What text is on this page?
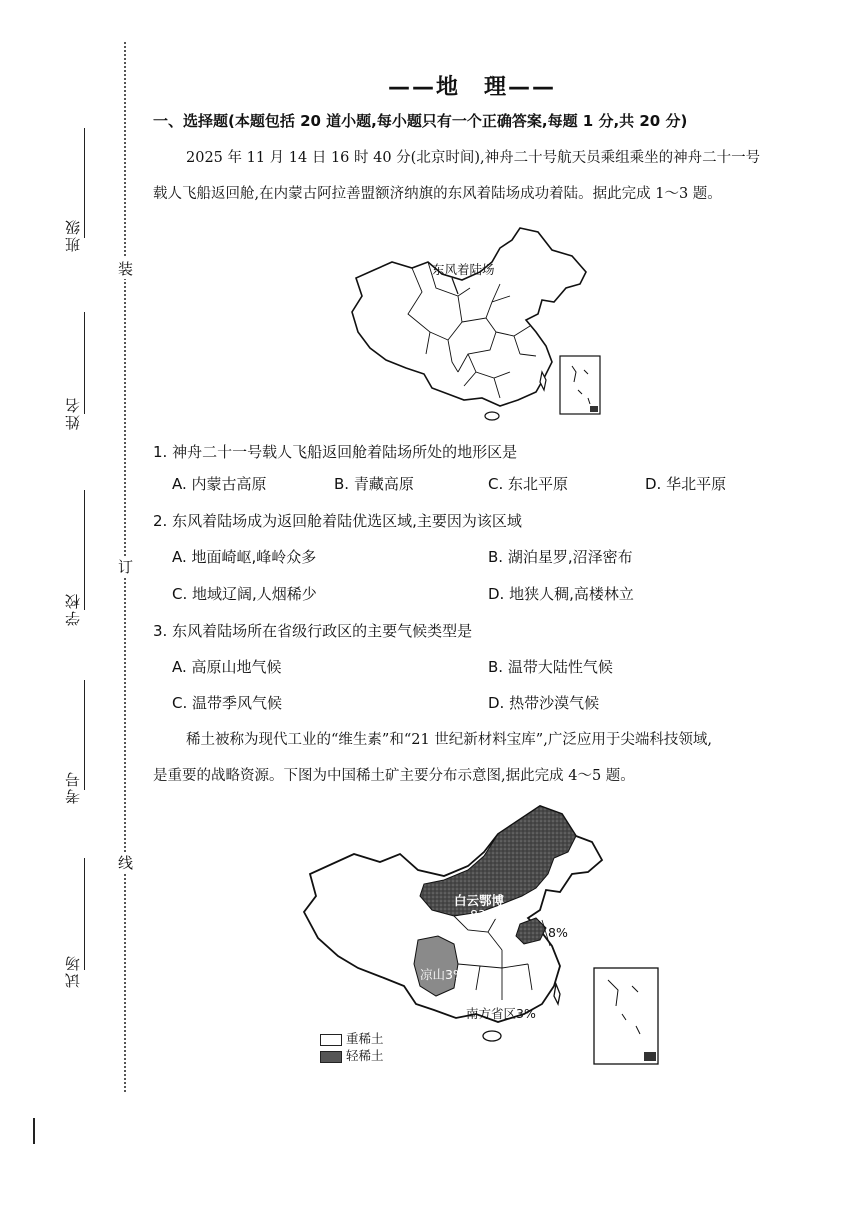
班级
姓名
学校
考号
试场
装
订
线
——地　理——
一、选择题(本题包括 20 道小题,每小题只有一个正确答案,每题 1 分,共 20 分)
2025 年 11 月 14 日 16 时 40 分(北京时间),神舟二十号航天员乘组乘坐的神舟二十一号
载人飞船返回舱,在内蒙古阿拉善盟额济纳旗的东风着陆场成功着陆。据此完成 1～3 题。
东风着陆场
1. 神舟二十一号载人飞船返回舱着陆场所处的地形区是
A. 内蒙古高原	B. 青藏高原	C. 东北平原	D. 华北平原
2. 东风着陆场成为返回舱着陆优选区域,主要因为该区域
A. 地面崎岖,峰岭众多	B. 湖泊星罗,沼泽密布
C. 地域辽阔,人烟稀少	D. 地狭人稠,高楼林立
3. 东风着陆场所在省级行政区的主要气候类型是
A. 高原山地气候	B. 温带大陆性气候
C. 温带季风气候	D. 热带沙漠气候
稀土被称为现代工业的“维生素”和“21 世纪新材料宝库”,广泛应用于尖端科技领域,
是重要的战略资源。下图为中国稀土矿主要分布示意图,据此完成 4～5 题。
白云鄂博
83%
8%
凉山3%
南方省区3%
重稀土
轻稀土
